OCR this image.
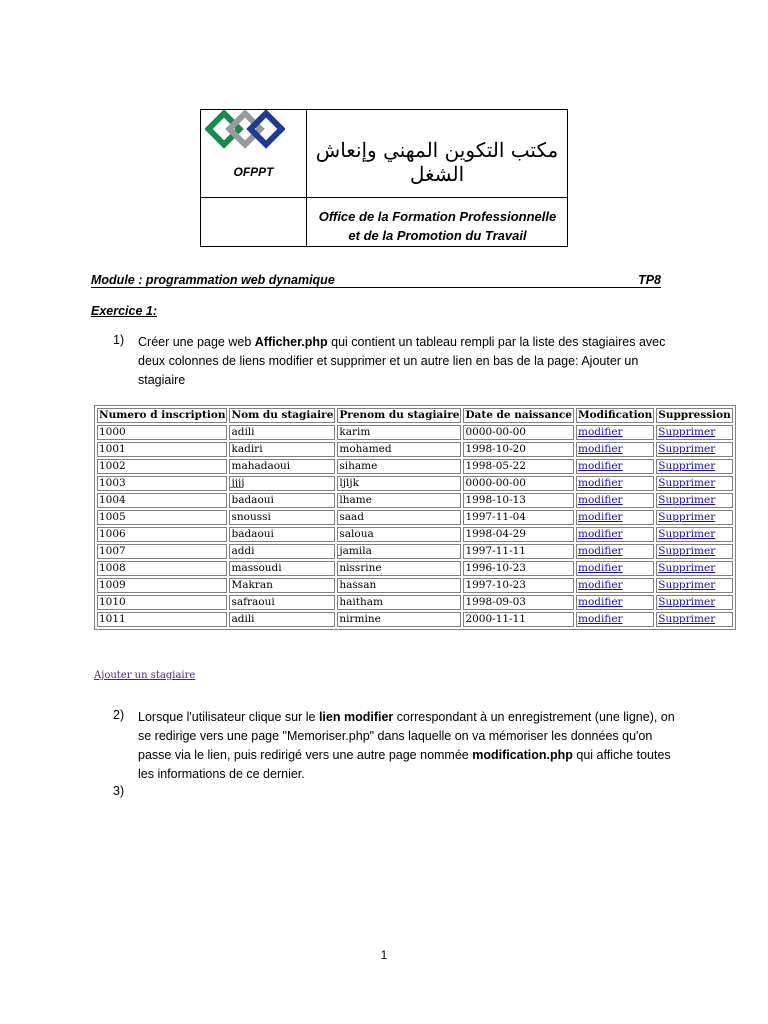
OFPPT
مكتب التكوين المهني وإنعاش الشغل
Office de la Formation Professionnelle
et de la Promotion du Travail
Module : programmation web dynamique	TP8
Exercice 1:
1) Créer une page web Afficher.php qui contient un tableau rempli par la liste des stagiaires avec deux colonnes de liens modifier et supprimer et un autre lien en bas de la page: Ajouter un stagiaire
Numero d inscription	Nom du stagiaire	Prenom du stagiaire	Date de naissance	Modification	Suppression
1000	adili	karim	0000-00-00	modifier	Supprimer
1001	kadiri	mohamed	1998-10-20	modifier	Supprimer
1002	mahadaoui	sihame	1998-05-22	modifier	Supprimer
1003	jjjj	ljljk	0000-00-00	modifier	Supprimer
1004	badaoui	lhame	1998-10-13	modifier	Supprimer
1005	snoussi	saad	1997-11-04	modifier	Supprimer
1006	badaoui	saloua	1998-04-29	modifier	Supprimer
1007	addi	jamila	1997-11-11	modifier	Supprimer
1008	massoudi	nissrine	1996-10-23	modifier	Supprimer
1009	Makran	hassan	1997-10-23	modifier	Supprimer
1010	safraoui	haitham	1998-09-03	modifier	Supprimer
1011	adili	nirmine	2000-11-11	modifier	Supprimer
Ajouter un stagiaire
2) Lorsque l'utilisateur clique sur le lien modifier correspondant à un enregistrement (une ligne), on se redirige vers une page "Memoriser.php" dans laquelle on va mémoriser les données qu'on passe via le lien, puis redirigé vers une autre page nommée modification.php qui affiche toutes les informations de ce dernier.
3)
1
